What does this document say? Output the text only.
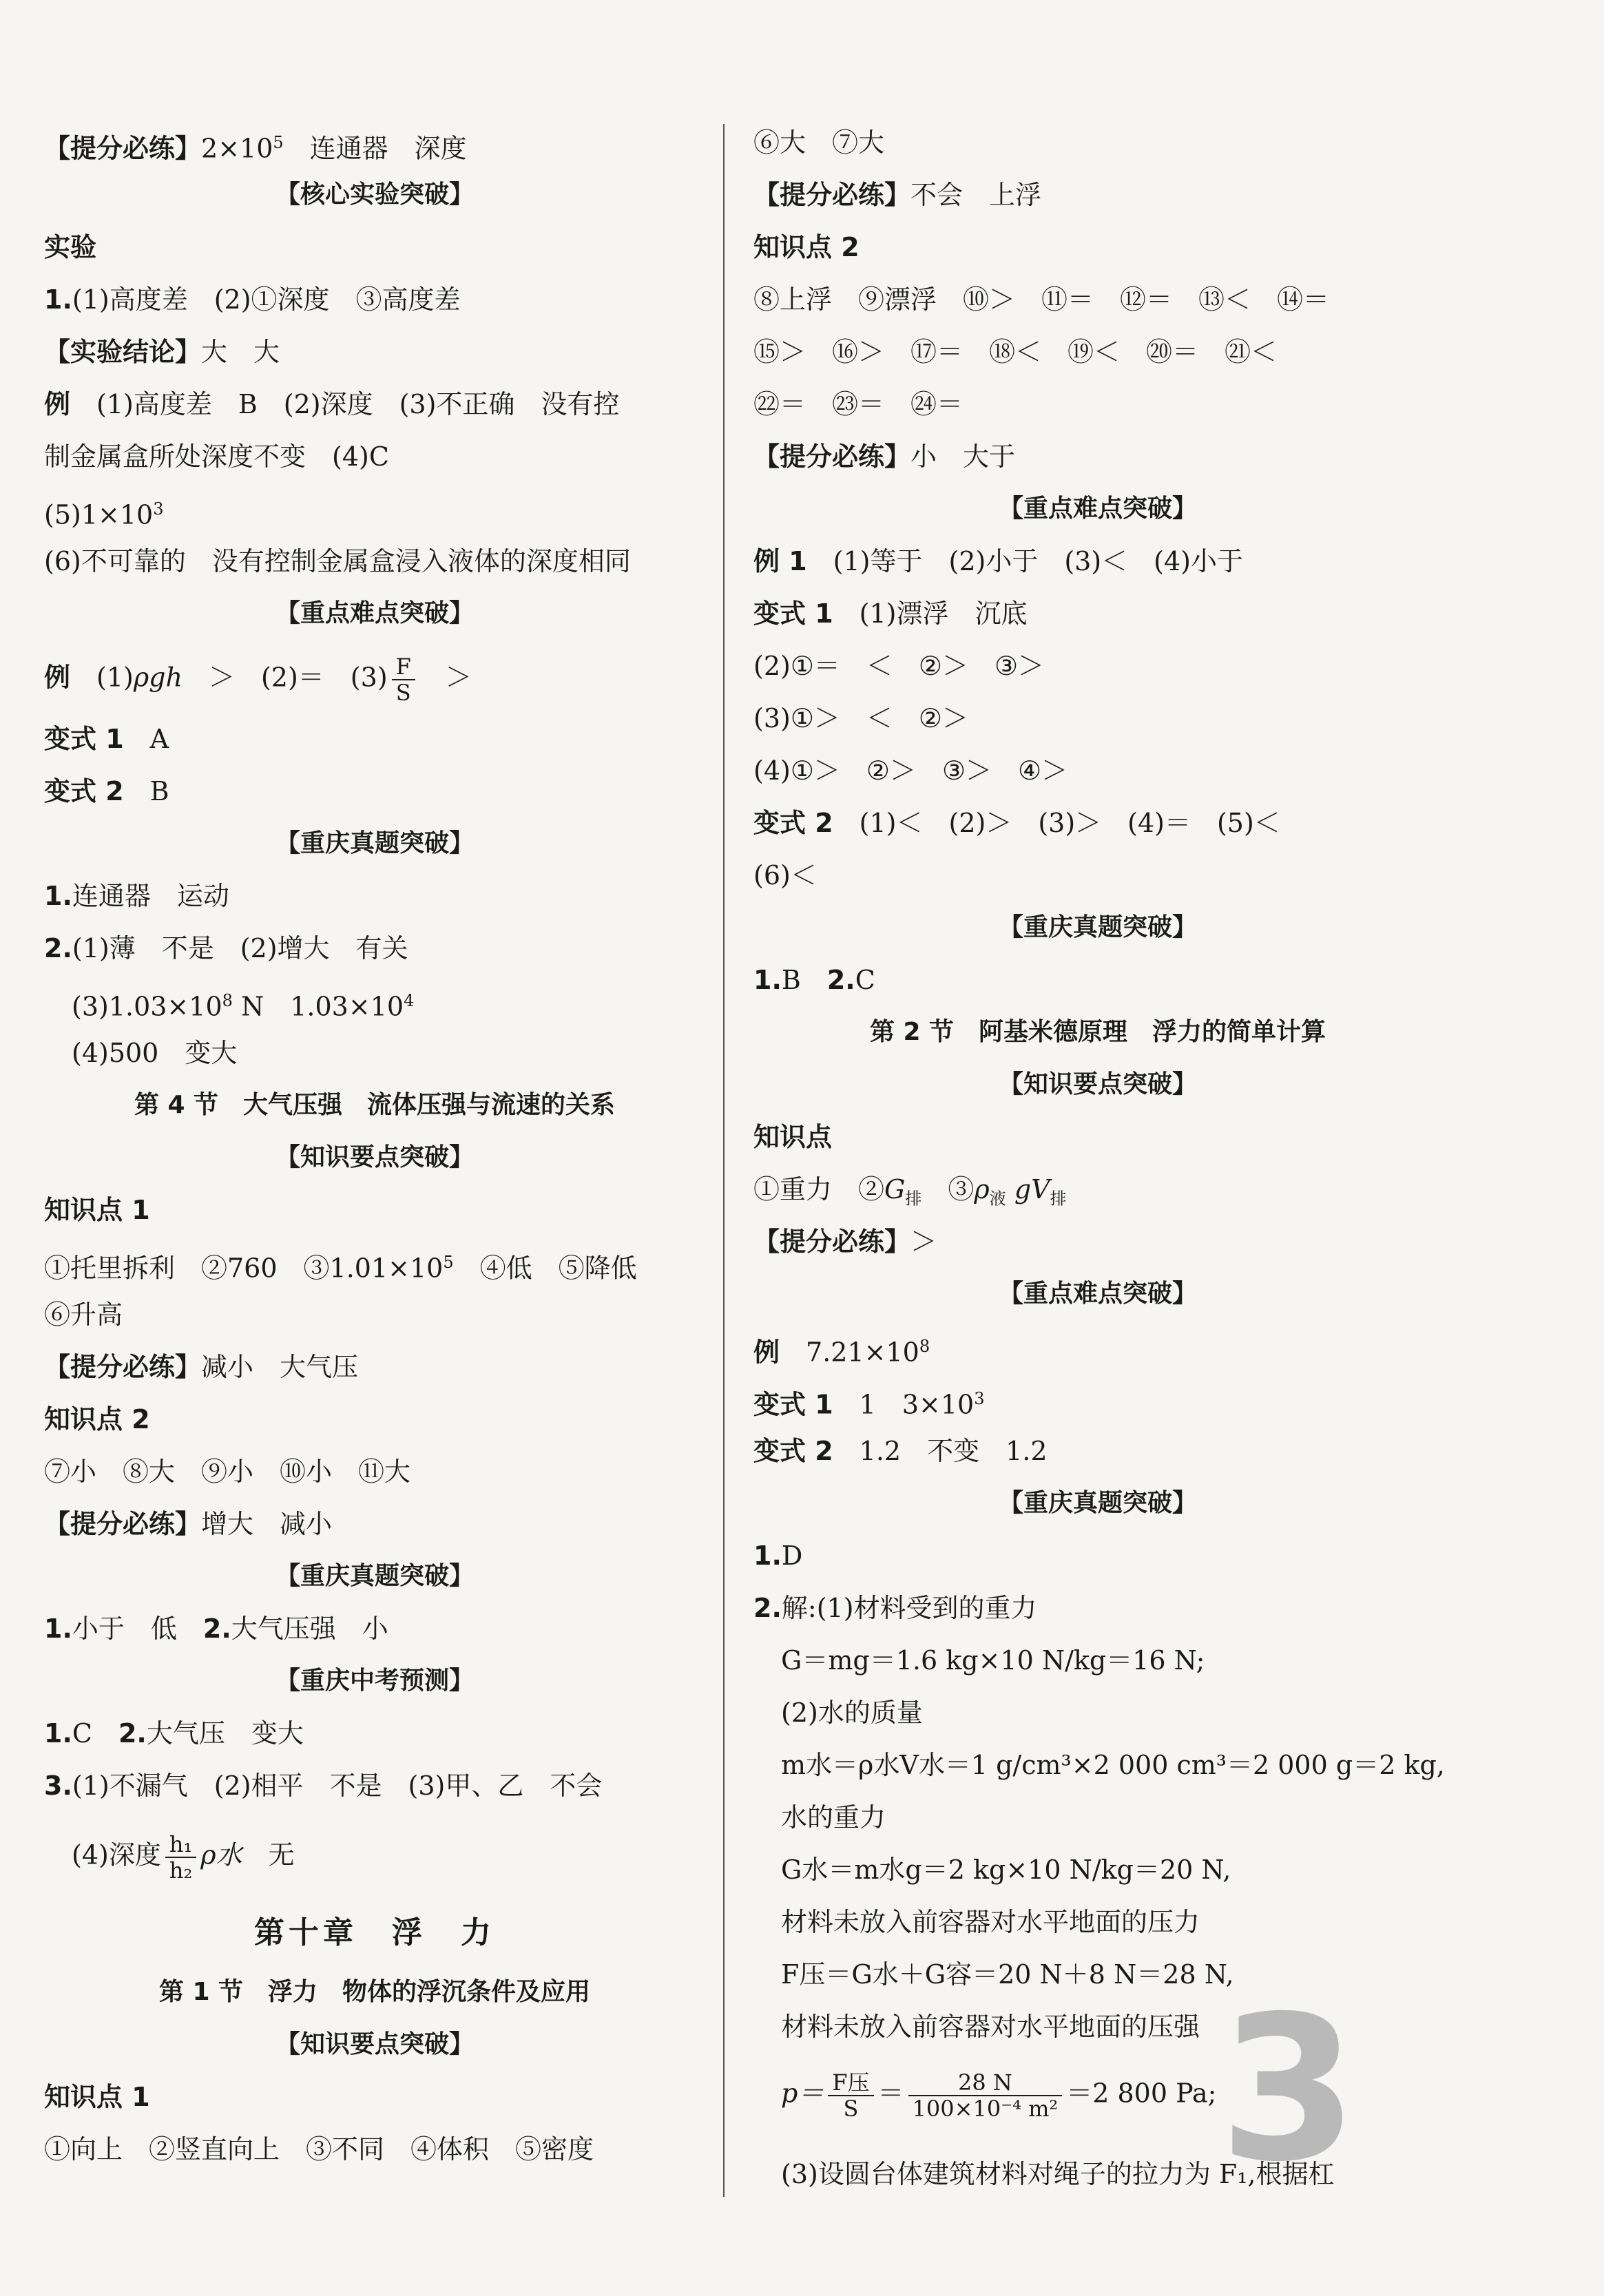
【提分必练】$2\times 10^5$　连通器　深度
【核心实验突破】
实验
1.(1)高度差　(2)①深度　③高度差
【实验结论】大　大
例　(1)高度差　B　(2)深度　(3)不正确　没有控
制金属盒所处深度不变　(4)C
$(5)1\times 10^3$
(6)不可靠的　没有控制金属盒浸入液体的深度相同
【重点难点突破】
例　(1)ρgh　＞　(2)＝　$(3) \frac{F}{S}$ 　＞
变式 1　A
变式 2　B
【重庆真题突破】
1.连通器　运动
2.(1)薄　不是　(2)增大　有关
$(3)1.03\times 10^8$ N　$1.03\times 10^4$
(4)500　变大
第 4 节　大气压强　流体压强与流速的关系
【知识要点突破】
知识点 1
①托里拆利　②760　$③1.01\times 10^5$　④低　⑤降低
⑥升高
【提分必练】减小　大气压
知识点 2
⑦小　⑧大　⑨小　⑩小　⑪大
【提分必练】增大　减小
【重庆真题突破】
1.小于　低　2.大气压强　小
【重庆中考预测】
1.C　2.大气压　变大
3.(1)不漏气　(2)相平　不是　(3)甲、乙　不会
(4)深度 $\frac{\text{h₁}}{\text{h₂}}$ ρ水　无
第十章　浮　力
第 1 节　浮力　物体的浮沉条件及应用
【知识要点突破】
知识点 1
①向上　②竖直向上　③不同　④体积　⑤密度
⑥大　⑦大
【提分必练】不会　上浮
知识点 2
⑧上浮　⑨漂浮　⑩＞　⑪＝　⑫＝　⑬＜　⑭＝
⑮＞　⑯＞　⑰＝　⑱＜　⑲＜　⑳＝　㉑＜
㉒＝　㉓＝　㉔＝
【提分必练】小　大于
【重点难点突破】
例 1　(1)等于　(2)小于　(3)＜　(4)小于
变式 1　(1)漂浮　沉底
(2)①＝　＜　②＞　③＞
(3)①＞　＜　②＞
(4)①＞　②＞　③＞　④＞
变式 2　(1)＜　(2)＞　(3)＞　(4)＝　(5)＜
(6)＜
【重庆真题突破】
1.B　2.C
第 2 节　阿基米德原理　浮力的简单计算
【知识要点突破】
知识点
①重力　$②G_排$　$③\rho_液$ $gV_排$
【提分必练】＞
【重点难点突破】
例　$7.21\times 10^8$
变式 1　1　$3\times 10^3$
变式 2　1.2　不变　1.2
【重庆真题突破】
1.D
2.解:(1)材料受到的重力
G＝mg＝1.6 kg×10 N/kg＝16 N;
(2)水的质量
m水＝ρ水V水＝1 g/cm³×2 000 cm³＝2 000 g＝2 kg,
水的重力
G水＝m水g＝2 kg×10 N/kg＝20 N,
材料未放入前容器对水平地面的压力
F压＝G水＋G容＝20 N＋8 N＝28 N,
材料未放入前容器对水平地面的压强
$p= \frac{\text{F压}}{S} = \frac{28 N}{\text{100×10⁻⁴ m²}} =2$ 800 Pa;
(3)设圆台体建筑材料对绳子的拉力为 F₁,根据杠
3
